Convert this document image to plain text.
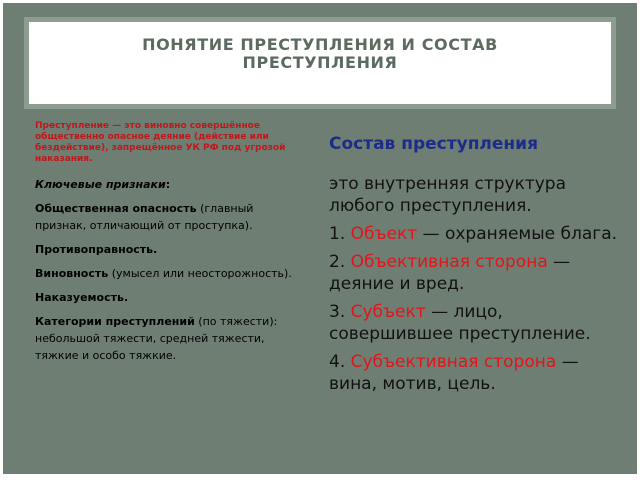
ПОНЯТИЕ ПРЕСТУПЛЕНИЯ И СОСТАВ
ПРЕСТУПЛЕНИЯ

Преступление — это виновно совершённое общественно опасное деяние (действие или бездействие), запрещённое УК РФ под угрозой наказания.

Ключевые признаки:

Общественная опасность (главный признак, отличающий от проступка).

Противоправность.

Виновность (умысел или неосторожность).

Наказуемость.

Категории преступлений (по тяжести): небольшой тяжести, средней тяжести, тяжкие и особо тяжкие.

Состав преступления

это внутренняя структура любого преступления.

1. Объект — охраняемые блага.

2. Объективная сторона — деяние и вред.

3. Субъект — лицо, совершившее преступление.

4. Субъективная сторона — вина, мотив, цель.
